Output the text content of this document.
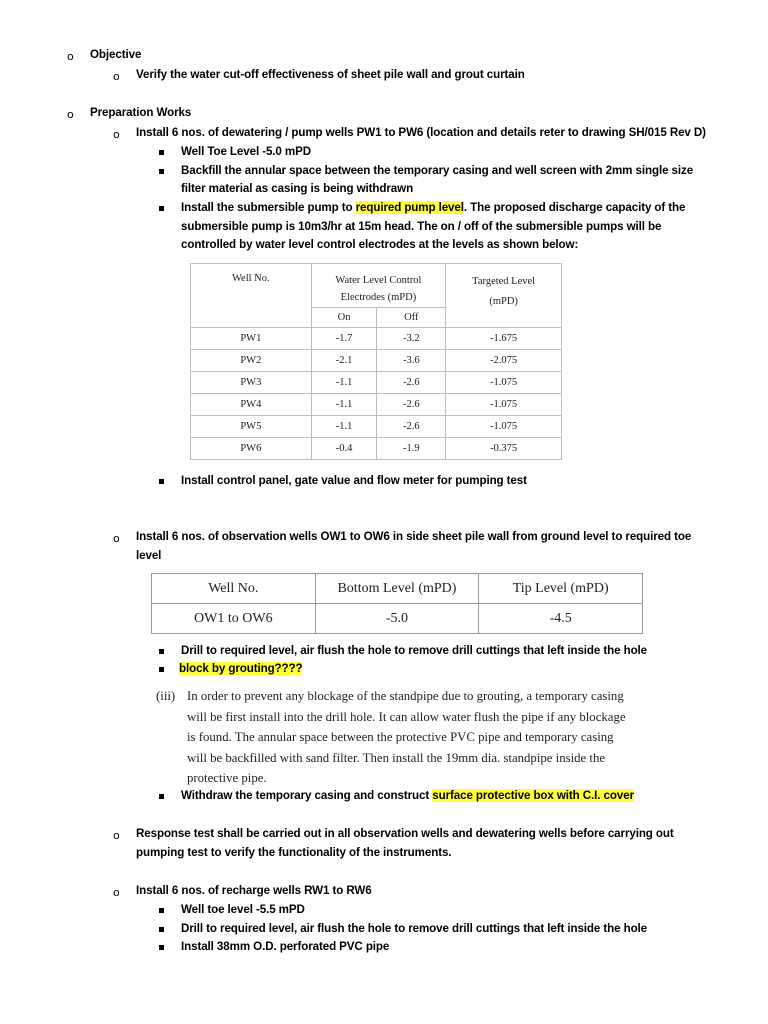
o Objective
o Verify the water cut-off effectiveness of sheet pile wall and grout curtain
o Preparation Works
o Install 6 nos. of dewatering / pump wells PW1 to PW6 (location and details reter to drawing SH/015 Rev D)
Well Toe Level -5.0 mPD
Backfill the annular space between the temporary casing and well screen with 2mm single size
filter material as casing is being withdrawn
Install the submersible pump to required pump level. The proposed discharge capacity of the
submersible pump is 10m3/hr at 15m head. The on / off of the submersible pumps will be
controlled by water level control electrodes at the levels as shown below:
Well No.	Water Level Control
Electrodes (mPD)		Targeted Level
(mPD)
	On	Off	
PW1	-1.7	-3.2	-1.675
PW2	-2.1	-3.6	-2.075
PW3	-1.1	-2.6	-1.075
PW4	-1.1	-2.6	-1.075
PW5	-1.1	-2.6	-1.075
PW6	-0.4	-1.9	-0.375
Install control panel, gate value and flow meter for pumping test
o Install 6 nos. of observation wells OW1 to OW6 in side sheet pile wall from ground level to required toe
level
Well No.	Bottom Level (mPD)	Tip Level (mPD)
OW1 to OW6	-5.0	-4.5
Drill to required level, air flush the hole to remove drill cuttings that left inside the hole
block by grouting????
(iii) In order to prevent any blockage of the standpipe due to grouting, a temporary casing
will be first install into the drill hole. It can allow water flush the pipe if any blockage
is found. The annular space between the protective PVC pipe and temporary casing
will be backfilled with sand filter. Then install the 19mm dia. standpipe inside the
protective pipe.
Withdraw the temporary casing and construct surface protective box with C.I. cover
o Response test shall be carried out in all observation wells and dewatering wells before carrying out
pumping test to verify the functionality of the instruments.
o Install 6 nos. of recharge wells RW1 to RW6
Well toe level -5.5 mPD
Drill to required level, air flush the hole to remove drill cuttings that left inside the hole
Install 38mm O.D. perforated PVC pipe
